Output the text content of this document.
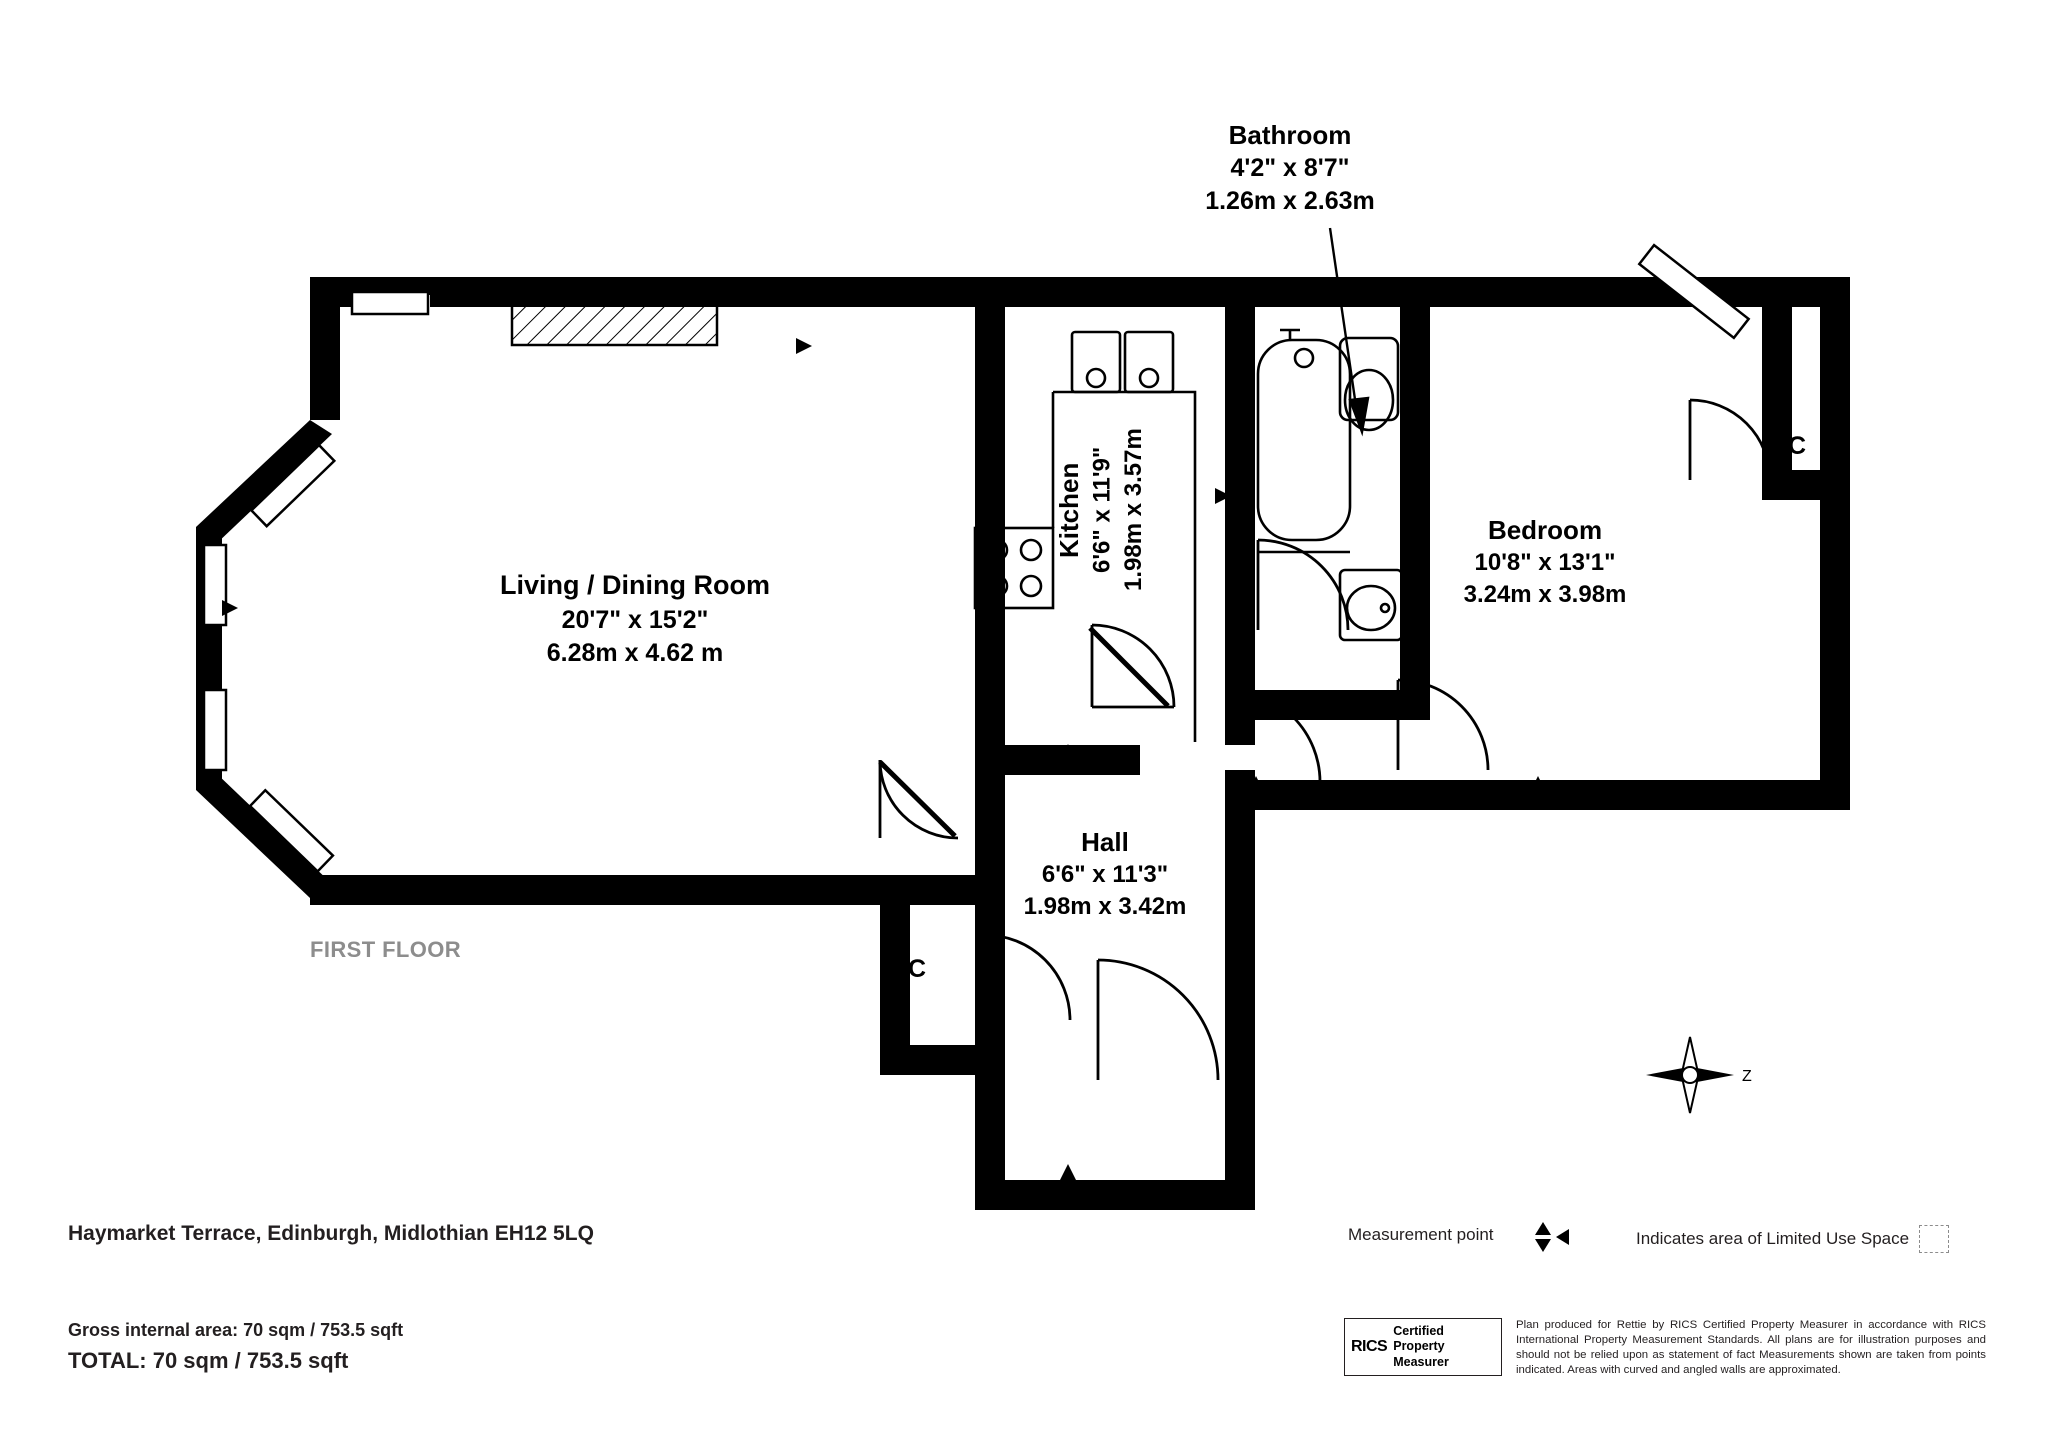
Z
Living / Dining Room
20'7" x 15'2"
6.28m x 4.62 m
Kitchen 6'6" x 11'9" 1.98m x 3.57m
Bathroom
4'2" x 8'7"
1.26m x 2.63m
Bedroom
10'8" x 13'1"
3.24m x 3.98m
Hall
6'6" x 11'3"
1.98m x 3.42m
C
C
FIRST FLOOR
Haymarket Terrace, Edinburgh, Midlothian EH12 5LQ
Gross internal area: 70 sqm / 753.5 sqft
TOTAL: 70 sqm / 753.5 sqft
Measurement point	Indicates area of Limited Use Space
RICS
Certified
Property
Measurer
Plan produced for Rettie by RICS Certified Property Measurer in accordance with RICS International Property Measurement Standards. All plans are for illustration purposes and should not be relied upon as statement of fact Measurements shown are taken from points indicated. Areas with curved and angled walls are approximated.
